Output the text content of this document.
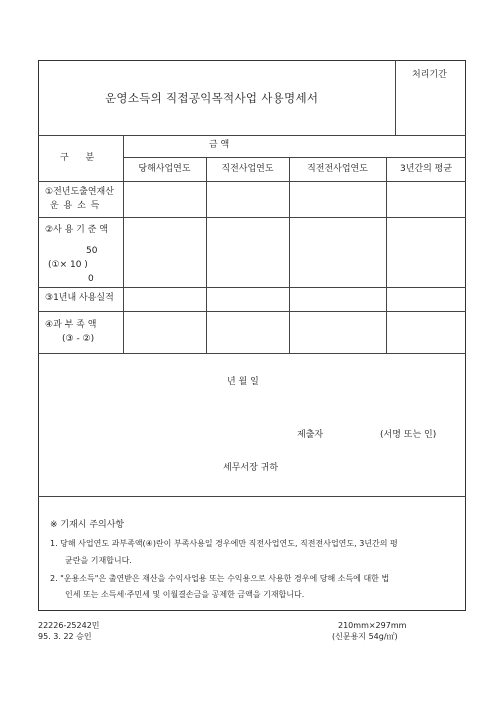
운영소득의 직접공익목적사업 사용명세서
처리기간
구 분
금 액
당해사업연도	직전사업연도	직전전사업연도	3년간의 평균
①전년도출연재산
운 용 소 득
②사 용 기 준 액
50
(①× 10 )
0
③1년내 사용실적
④과 부 족 액
(③ - ②)
년 월 일
제출자	(서명 또는 인)
세무서장 귀하
※ 기재시 주의사항
1. 당해 사업연도 과부족액(④)란이 부족사용일 경우에만 직전사업연도, 직전전사업연도, 3년간의 평
균란을 기재합니다.
2. "운용소득"은 출연받은 재산을 수익사업용 또는 수익용으로 사용한 경우에 당해 소득에 대한 법
인세 또는 소득세·주민세 및 이월결손금을 공제한 금액을 기재합니다.
22226-25242민
95. 3. 22 승인
210mm×297mm
(신문용지 54g/㎡)
